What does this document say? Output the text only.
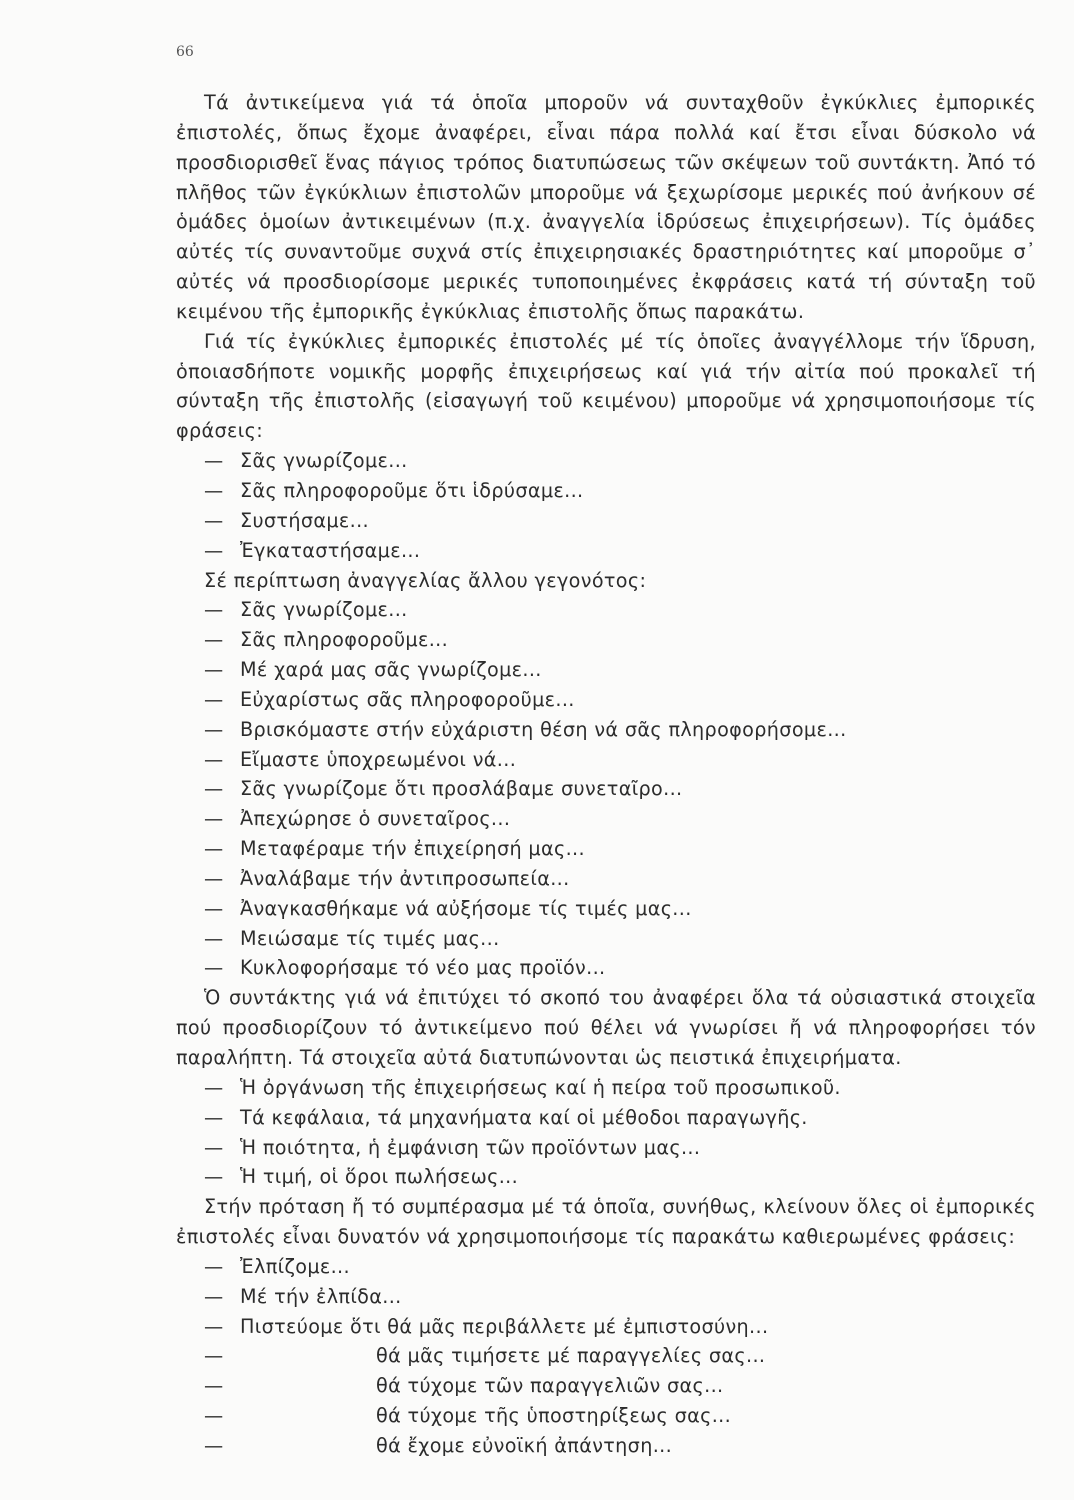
66

Τά ἀντικείμενα γιά τά ὁποῖα μποροῦν νά συνταχθοῦν ἐγκύκλιες ἐμπορικές ἐπιστολές, ὅπως ἔχομε ἀναφέρει, εἶναι πάρα πολλά καί ἔτσι εἶναι δύσκολο νά προσδιορισθεῖ ἕνας πάγιος τρόπος διατυπώσεως τῶν σκέψεων τοῦ συντάκτη. Ἀπό τό πλῆθος τῶν ἐγκύκλιων ἐπιστολῶν μποροῦμε νά ξεχωρίσομε μερικές πού ἀνήκουν σέ ὁμάδες ὁμοίων ἀντικειμένων (π.χ. ἀναγγελία ἱδρύσεως ἐπιχειρήσεων). Τίς ὁμάδες αὐτές τίς συναντοῦμε συχνά στίς ἐπιχειρησιακές δραστηριότητες καί μποροῦμε σ᾿ αὐτές νά προσδιορίσομε μερικές τυποποιημένες ἐκφράσεις κατά τή σύνταξη τοῦ κειμένου τῆς ἐμπορικῆς ἐγκύκλιας ἐπιστολῆς ὅπως παρακάτω.

Γιά τίς ἐγκύκλιες ἐμπορικές ἐπιστολές μέ τίς ὁποῖες ἀναγγέλλομε τήν ἵδρυση, ὁποιασδήποτε νομικῆς μορφῆς ἐπιχειρήσεως καί γιά τήν αἰτία πού προκαλεῖ τή σύνταξη τῆς ἐπιστολῆς (εἰσαγωγή τοῦ κειμένου) μποροῦμε νά χρησιμοποιήσομε τίς φράσεις:

— Σᾶς γνωρίζομε...
— Σᾶς πληροφοροῦμε ὅτι ἱδρύσαμε...
— Συστήσαμε...
— Ἐγκαταστήσαμε...

Σέ περίπτωση ἀναγγελίας ἄλλου γεγονότος:

— Σᾶς γνωρίζομε...
— Σᾶς πληροφοροῦμε...
— Μέ χαρά μας σᾶς γνωρίζομε...
— Εὐχαρίστως σᾶς πληροφοροῦμε...
— Βρισκόμαστε στήν εὐχάριστη θέση νά σᾶς πληροφορήσομε...
— Εἴμαστε ὑποχρεωμένοι νά...
— Σᾶς γνωρίζομε ὅτι προσλάβαμε συνεταῖρο...
— Ἀπεχώρησε ὁ συνεταῖρος...
— Μεταφέραμε τήν ἐπιχείρησή μας...
— Ἀναλάβαμε τήν ἀντιπροσωπεία...
— Ἀναγκασθήκαμε νά αὐξήσομε τίς τιμές μας...
— Μειώσαμε τίς τιμές μας...
— Κυκλοφορήσαμε τό νέο μας προϊόν...

Ὁ συντάκτης γιά νά ἐπιτύχει τό σκοπό του ἀναφέρει ὅλα τά οὐσιαστικά στοιχεῖα πού προσδιορίζουν τό ἀντικείμενο πού θέλει νά γνωρίσει ἤ νά πληροφορήσει τόν παραλήπτη. Τά στοιχεῖα αὐτά διατυπώνονται ὡς πειστικά ἐπιχειρήματα.

— Ἡ ὀργάνωση τῆς ἐπιχειρήσεως καί ἡ πείρα τοῦ προσωπικοῦ.
— Τά κεφάλαια, τά μηχανήματα καί οἱ μέθοδοι παραγωγῆς.
— Ἡ ποιότητα, ἡ ἐμφάνιση τῶν προϊόντων μας...
— Ἡ τιμή, οἱ ὅροι πωλήσεως...

Στήν πρόταση ἤ τό συμπέρασμα μέ τά ὁποῖα, συνήθως, κλείνουν ὅλες οἱ ἐμπορικές ἐπιστολές εἶναι δυνατόν νά χρησιμοποιήσομε τίς παρακάτω καθιερωμένες φράσεις:

— Ἐλπίζομε...
— Μέ τήν ἐλπίδα...
— Πιστεύομε ὅτι θά μᾶς περιβάλλετε μέ ἐμπιστοσύνη...
—	θά μᾶς τιμήσετε μέ παραγγελίες σας...
—	θά τύχομε τῶν παραγγελιῶν σας...
—	θά τύχομε τῆς ὑποστηρίξεως σας...
—	θά ἔχομε εὐνοϊκή ἀπάντηση...
